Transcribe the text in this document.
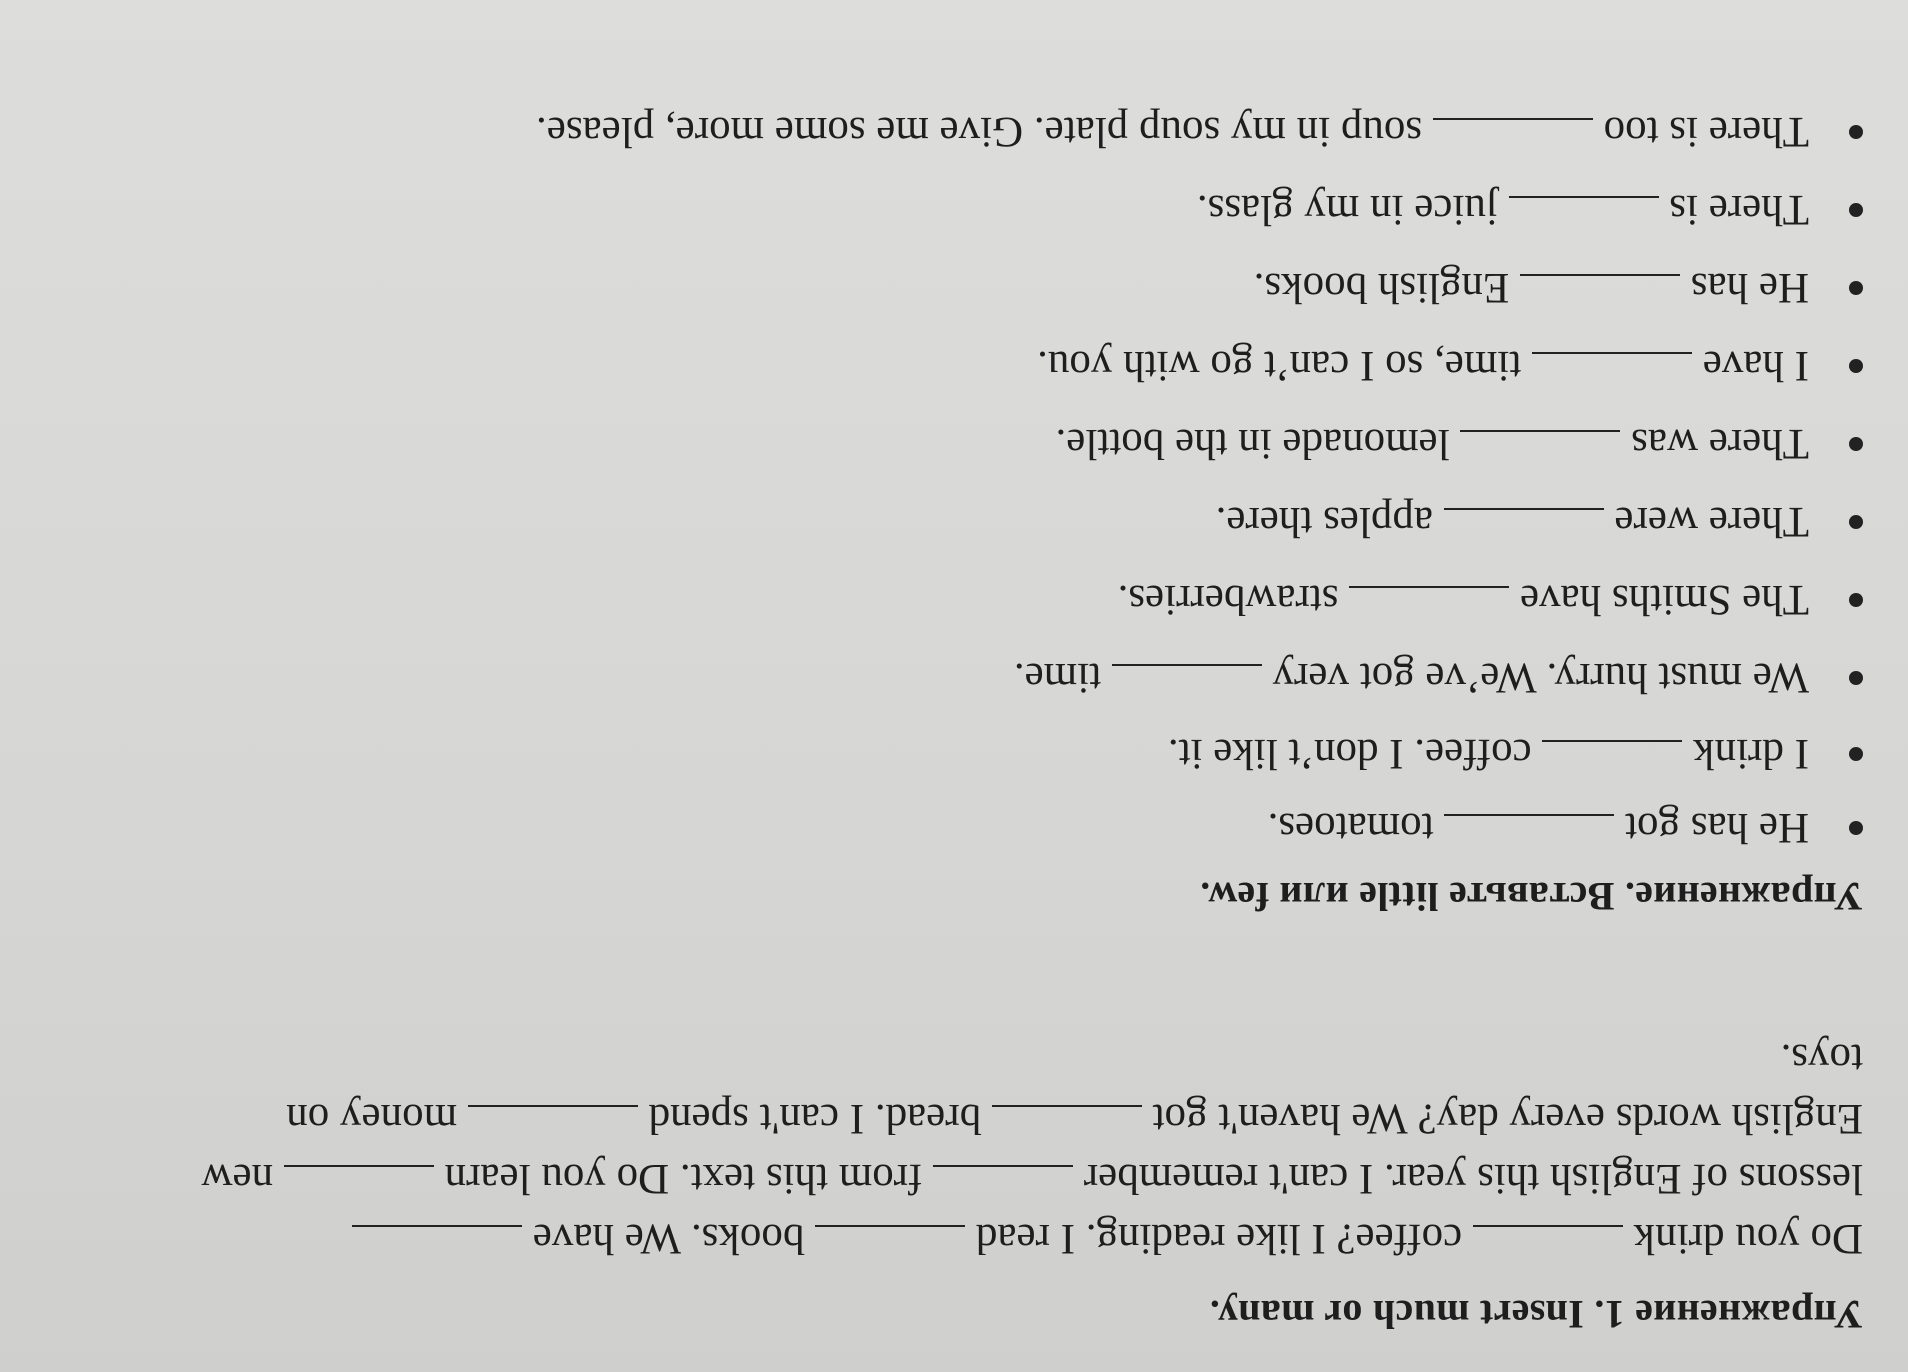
Упражнение 1. Insert much or many.
Do you drink  coffee? I like reading. I read  books. We have
lessons of English this year. I can't remember  from this text. Do you learn  new
English words every day? We haven't got  bread. I can't spend  money on
toys.
Упражнение. Вставьте little или few.
He has got  tomatoes.
I drink  coffee. I don’t like it.
We must hurry. We’ve got very  time.
The Smiths have  strawberries.
There were  apples there.
There was  lemonade in the bottle.
I have  time, so I can’t go with you.
He has  English books.
There is  juice in my glass.
There is too  soup in my soup plate. Give me some more, please.
